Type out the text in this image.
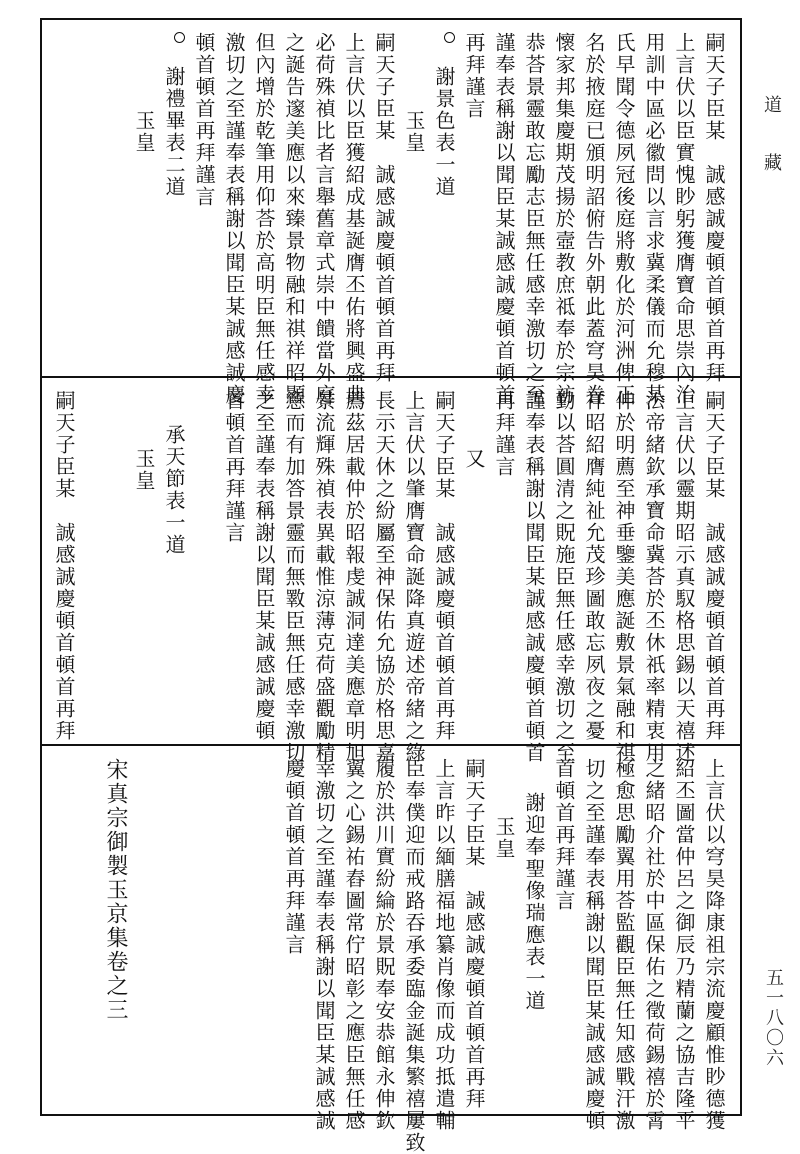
道藏
五一八〇六
嗣天子臣某　誠感誠慶頓首頓首再拜
上言伏以臣實愧眇躬獲膺寶命思崇內治
用訓中區必徽問以言求冀柔儀而允穆某
氏早聞令德夙冠後庭將敷化於河洲俾正
名於掖庭已頒明詔俯告外朝此蓋穹昊眷
懷家邦集慶期茂揚於壼教庶祗奉於宗祊
恭荅景靈敢忘勵志臣無任感幸激切之至
謹奉表稱謝以聞臣某誠感誠慶頓首頓首
再拜謹言
謝景色表一道
玉皇
嗣天子臣某　誠感誠慶頓首頓首再拜
上言伏以臣獲紹成基誕膺丕佑將興盛典
必荷殊禎比者言舉舊章式崇中饋當外庭
之誕告邃美應以來臻景物融和祺祥昭顯
但內增於乾筆用仰荅於高明臣無任感幸
激切之至謹奉表稱謝以聞臣某誠感誠慶
頓首頓首再拜謹言
謝禮畢表二道
玉皇
嗣天子臣某　誠感誠慶頓首頓首再拜
上言伏以靈期昭示真馭格思錫以天禧述
㳂帝緒欽承寶命冀荅於丕休祇率精衷用
伸於明薦至神垂鑒美應誕敷景氣融和祺
祥昭紹膺純祉允茂珍圖敢忘夙夜之憂
勤以荅圓清之貺施臣無任感幸激切之至
謹奉表稱謝以聞臣某誠感誠慶頓首頓首
再拜謹言
又
嗣天子臣某　誠感誠慶頓首頓首再拜
上言伏以肇膺寶命誕降真遊述帝緒之綠
長示天休之紛屬至神保佑允協於格思嘉
薦茲居載仲於昭報虔誠洞達美應章明旭
景流輝殊禎表異載惟涼薄克荷盛觀勵精
意而有加答景靈而無斁臣無任感幸激切
之至謹奉表稱謝以聞臣某誠感誠慶頓
首頓首再拜謹言
承天節表一道
玉皇
嗣天子臣某　誠感誠慶頓首頓首再拜
上言伏以穹昊降康祖宗流慶顧惟眇德獲
紹丕圖當仲呂之御辰乃精蘭之協吉隆平
之緒昭介社於中區保佑之徵荷錫禧於霄
極愈思勵翼用荅監觀臣無任知感戰汗激
切之至謹奉表稱謝以聞臣某誠感誠慶頓
首頓首再拜謹言
謝迎奉聖像瑞應表一道
玉皇
嗣天子臣某　誠感誠慶頓首頓首再拜
上言昨以緬膳福地纂肖像而成功抵遣輔
臣奉僕迎而戒路吞承委臨金誕集繁禧屢致
履於洪川實紛綸於景貺奉安恭館永伸欽
翼之心錫祐舂圖常佇昭彰之應臣無任感
幸激切之至謹奉表稱謝以聞臣某誠感誠
慶頓首頓首再拜謹言
宋真宗御製玉京集卷之三
